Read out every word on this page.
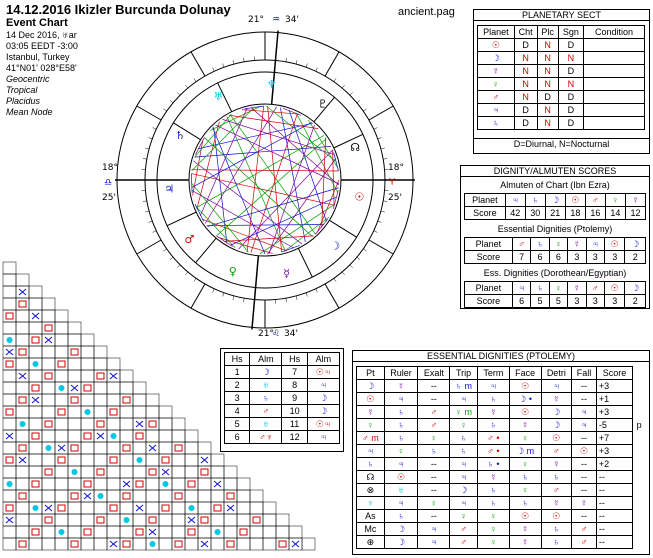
14.12.2016 Ikizler Burcunda Dolunay
Event Chart
14 Dec 2016, ♅ar
03:05 EEDT -3:00
Istanbul, Turkey
41°N01' 028°E58'
Geocentric
Tropical
Placidus
Mean Node
ancient.pag
☉
☽
☿
♀
♂
♃
♄
♅
♆
♇
☊
21° ♒ 34'
21°
♌ 34'
18°
♎
25'
18°
♈
25'
PLANETARY SECT
Planet	Cht	Plc	Sgn	Condition
☉	D	N	D	
☽	N	N	N	
☿	N	N	D	
♀	N	N	N	
♂	N	D	D	
♃	D	N	D	
♄	D	N	D	
D=Diurnal, N=Nocturnal
DIGNITY/ALMUTEN SCORES
Almuten of Chart (Ibn Ezra)
Planet	♃	♄	☽	☉	♂	♀	☿
Score	42	30	21	18	16	14	12
Essential Dignities (Ptolemy)
Planet	♂	♄	♀	☿	♃	☉	☽
Score	7	6	6	3	3	3	2
Ess. Dignities (Dorothean/Egyptian)
Planet	♃	♄	♀	☿	♂	☉	☽
Score	6	5	5	3	3	3	2
Hs	Alm	Hs	Alm
1	☽	7	☉♃
2	♅	8	♃
3	♄	9	☽
4	♂	10	☽
5	♅	11	☉♃
6	♂♆	12	♃
ESSENTIAL DIGNITIES (PTOLEMY)
Pt	Ruler	Exalt	Trip	Term	Face	Detri	Fall	Score	
☽	☿	--	♄ m	♃	☉	♃	--	+3	
☉	♃	--	♃	♄	☽ •	☿	--	+1	
☿	♄	♂	♀ m	☿	☉	☽	♃	+3	
♀	♄	♂	♀	♄	☿	☽	♃	-5	p
♂ m	♄	♀	♄	♂ •	♀	☉	--	+7	
♃	♀	♄	♄	♂ •	☽ m	♂	☉	+3	
♄	♃	--	♃	♄ •	♀	☿	--	+2	
☊	☉	--	♃	☿	♄	♄	--	--	
⊗	♅	--	☽	♄	♀	♂	--	--	
♆	♃	♀	♃	♄	♄	☿	☿	--	
As	♄	--	♀	♀	☉	☉	--	--	
Mc	☽	♃	♂	♀	☿	♄	♂	--	
⊕	☽	♃	♂	♀	☿	♄	♂	--	
